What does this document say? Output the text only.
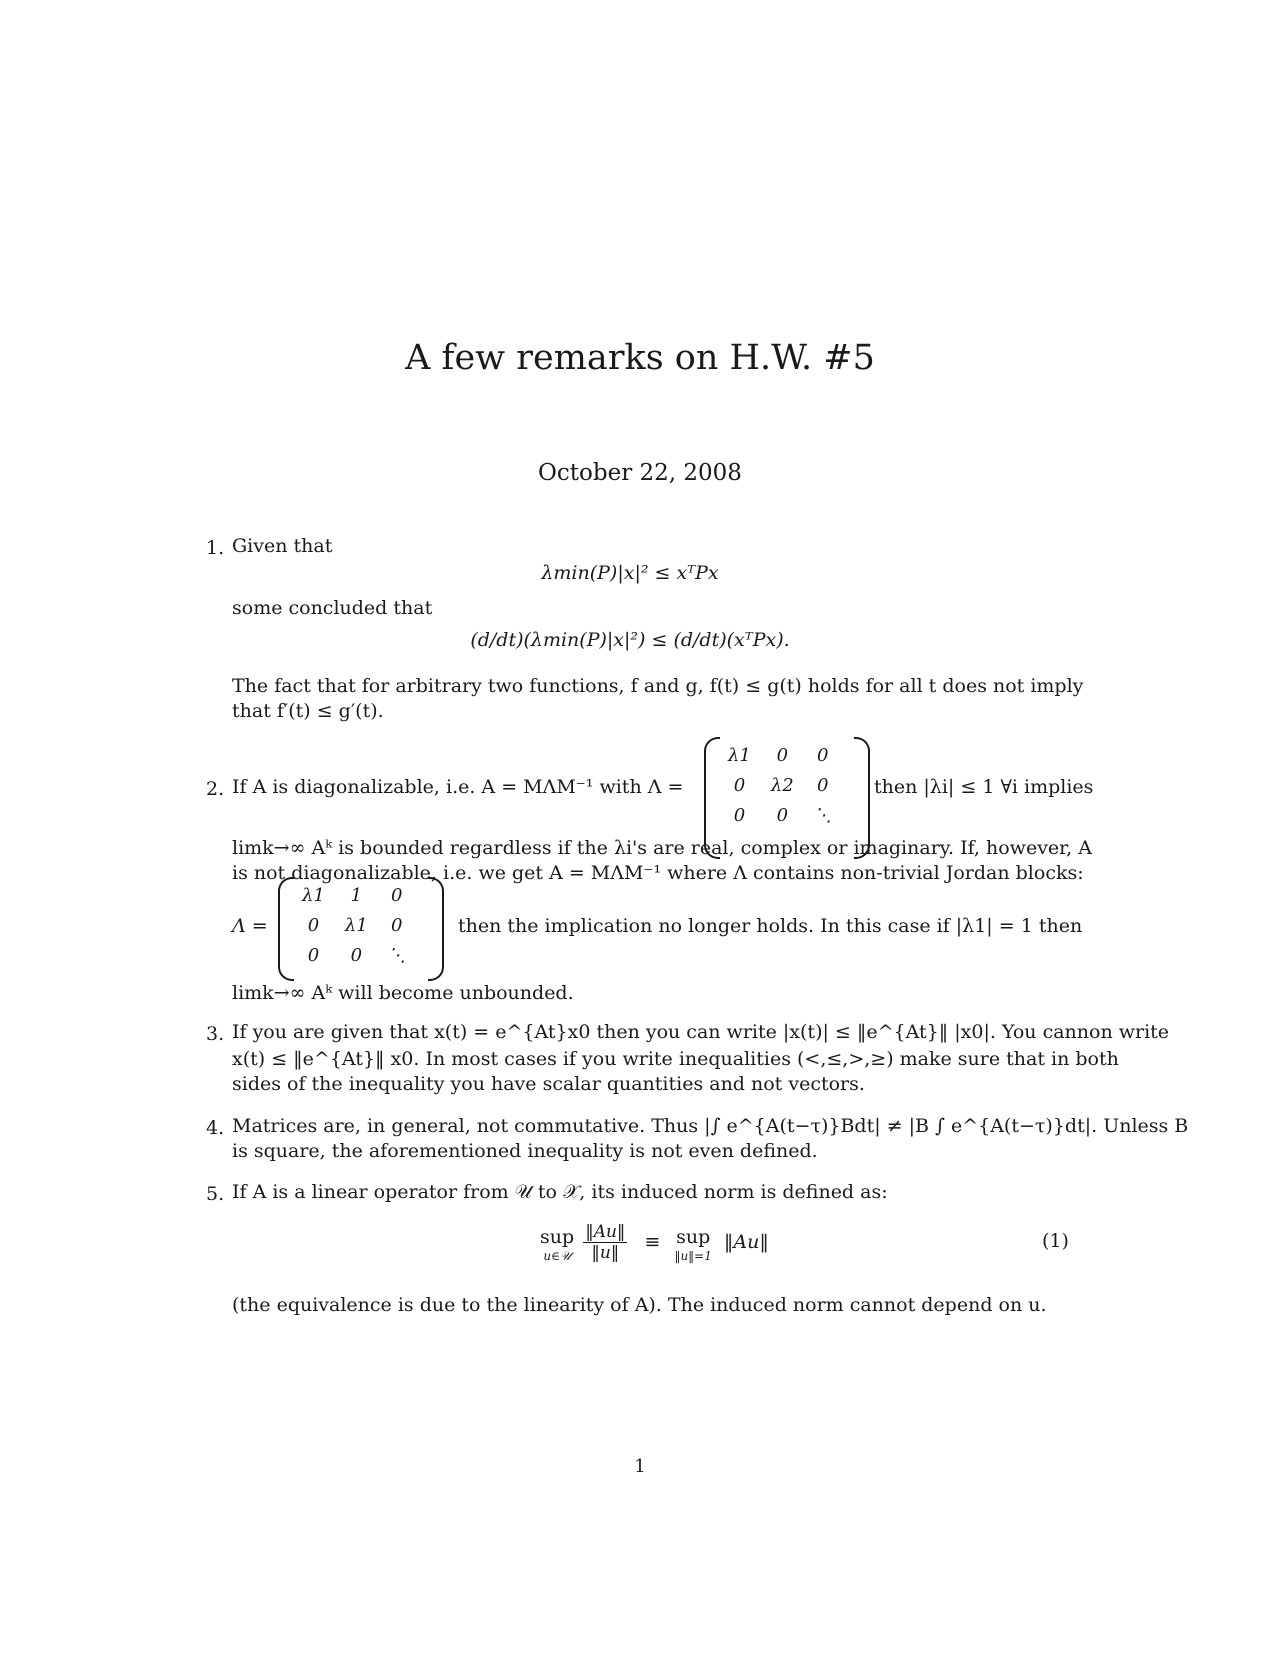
A few remarks on H.W. #5
October 22, 2008
1. Given that
λmin(P)|x|² ≤ xᵀPx
some concluded that
(d/dt)(λmin(P)|x|²) ≤ (d/dt)(xᵀPx).
The fact that for arbitrary two functions, f and g, f(t) ≤ g(t) holds for all t does not imply
that f′(t) ≤ g′(t).
2. If A is diagonalizable, i.e. A = MΛM⁻¹ with Λ =
λ1	0	0
0	λ2	0
0	0	⋱
then |λi| ≤ 1 ∀i implies
limk→∞ Aᵏ is bounded regardless if the λi's are real, complex or imaginary. If, however, A
is not diagonalizable, i.e. we get A = MΛM⁻¹ where Λ contains non-trivial Jordan blocks:
Λ =
λ1	1	0
0	λ1	0
0	0	⋱
then the implication no longer holds. In this case if |λ1| = 1 then
limk→∞ Aᵏ will become unbounded.
3. If you are given that x(t) = e^{At}x0 then you can write |x(t)| ≤ ‖e^{At}‖ |x0|. You cannon write
x(t) ≤ ‖e^{At}‖ x0. In most cases if you write inequalities (<,≤,>,≥) make sure that in both
sides of the inequality you have scalar quantities and not vectors.
4. Matrices are, in general, not commutative. Thus |∫ e^{A(t−τ)}Bdt| ≠ |B ∫ e^{A(t−τ)}dt|. Unless B
is square, the aforementioned inequality is not even defined.
5. If A is a linear operator from 𝒰 to 𝒳, its induced norm is defined as:
sup
u∈𝒰
$\frac{‖Au‖}{‖u‖}$ ≡ sup
‖u‖=1
‖Au‖	(1)
(the equivalence is due to the linearity of A). The induced norm cannot depend on u.
1
